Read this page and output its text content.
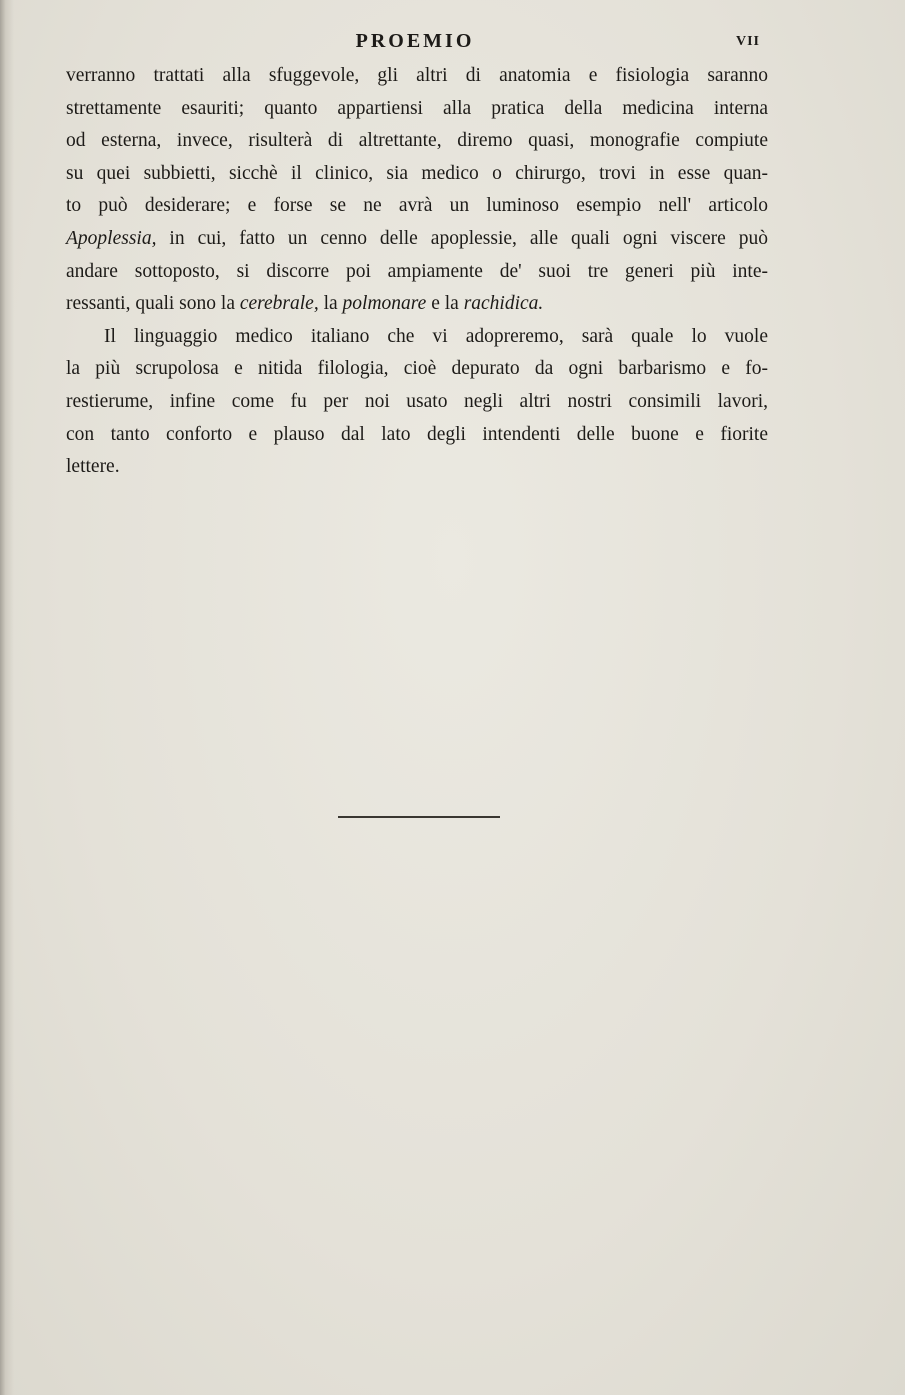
PROEMIO	VII
verranno trattati alla sfuggevole, gli altri di anatomia e fisiologia saranno
strettamente esauriti; quanto appartiensi alla pratica della medicina interna
od esterna, invece, risulterà di altrettante, diremo quasi, monografie compiute
su quei subbietti, sicchè il clinico, sia medico o chirurgo, trovi in esse quan-
to può desiderare; e forse se ne avrà un luminoso esempio nell' articolo
Apoplessia, in cui, fatto un cenno delle apoplessie, alle quali ogni viscere può
andare sottoposto, si discorre poi ampiamente de' suoi tre generi più inte-
ressanti, quali sono la cerebrale, la polmonare e la rachidica.
Il linguaggio medico italiano che vi adopreremo, sarà quale lo vuole
la più scrupolosa e nitida filologia, cioè depurato da ogni barbarismo e fo-
restierume, infine come fu per noi usato negli altri nostri consimili lavori,
con tanto conforto e plauso dal lato degli intendenti delle buone e fiorite
lettere.
